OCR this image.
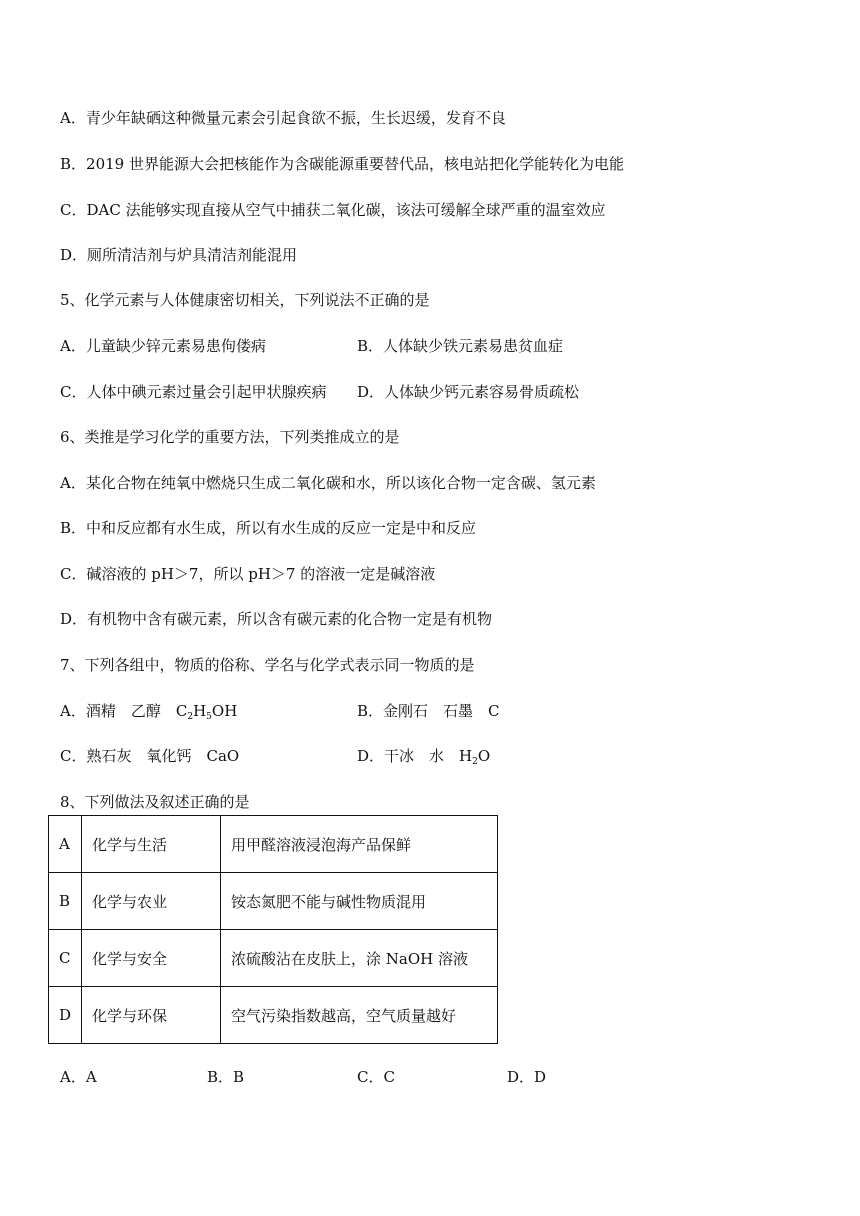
A．青少年缺硒这种微量元素会引起食欲不振，生长迟缓，发育不良
B．2019 世界能源大会把核能作为含碳能源重要替代品，核电站把化学能转化为电能
C．DAC 法能够实现直接从空气中捕获二氧化碳，该法可缓解全球严重的温室效应
D．厕所清洁剂与炉具清洁剂能混用
5、化学元素与人体健康密切相关，下列说法不正确的是
A．儿童缺少锌元素易患佝偻病	B．人体缺少铁元素易患贫血症
C．人体中碘元素过量会引起甲状腺疾病 D．人体缺少钙元素容易骨质疏松
6、类推是学习化学的重要方法，下列类推成立的是
A．某化合物在纯氧中燃烧只生成二氧化碳和水，所以该化合物一定含碳、氢元素
B．中和反应都有水生成，所以有水生成的反应一定是中和反应
C．碱溶液的 pH＞7，所以 pH＞7 的溶液一定是碱溶液
D．有机物中含有碳元素，所以含有碳元素的化合物一定是有机物
7、下列各组中，物质的俗称、学名与化学式表示同一物质的是
A．酒精　乙醇　$C_2H_5OH$	B．金刚石　石墨　C
C．熟石灰　氧化钙　CaO	D．干冰　水　$H_2O$
8、下列做法及叙述正确的是
A	化学与生活	用甲醛溶液浸泡海产品保鲜
B	化学与农业	铵态氮肥不能与碱性物质混用
C	化学与安全	浓硫酸沾在皮肤上，涂 NaOH 溶液
D	化学与环保	空气污染指数越高，空气质量越好
A．A	B．B	C．C	D．D
